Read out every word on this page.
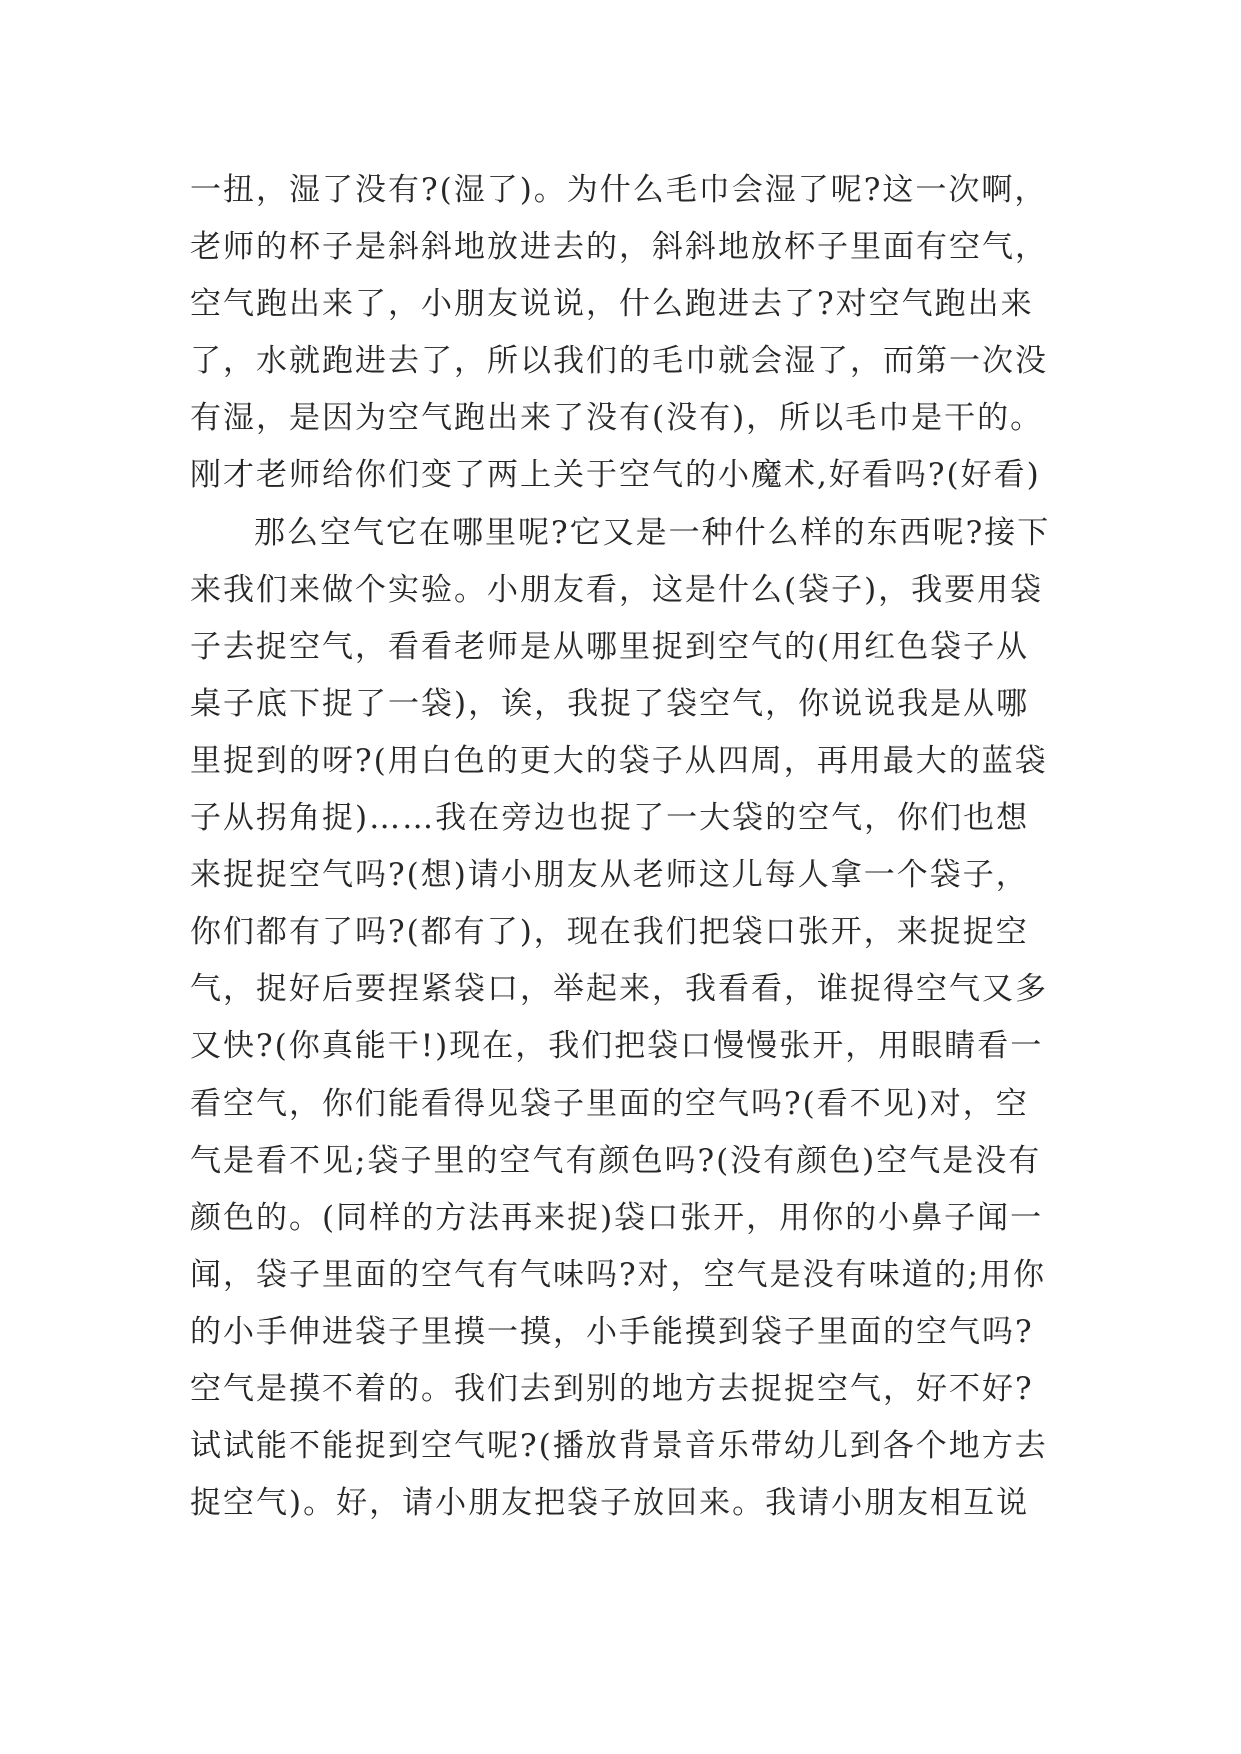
一扭，湿了没有?(湿了)。为什么毛巾会湿了呢?这一次啊，
老师的杯子是斜斜地放进去的，斜斜地放杯子里面有空气，
空气跑出来了，小朋友说说，什么跑进去了?对空气跑出来
了，水就跑进去了，所以我们的毛巾就会湿了，而第一次没
有湿，是因为空气跑出来了没有(没有)，所以毛巾是干的。
刚才老师给你们变了两上关于空气的小魔术,好看吗?(好看)
那么空气它在哪里呢?它又是一种什么样的东西呢?接下
来我们来做个实验。小朋友看，这是什么(袋子)，我要用袋
子去捉空气，看看老师是从哪里捉到空气的(用红色袋子从
桌子底下捉了一袋)，诶，我捉了袋空气，你说说我是从哪
里捉到的呀?(用白色的更大的袋子从四周，再用最大的蓝袋
子从拐角捉)……我在旁边也捉了一大袋的空气，你们也想
来捉捉空气吗?(想)请小朋友从老师这儿每人拿一个袋子，
你们都有了吗?(都有了)，现在我们把袋口张开，来捉捉空
气，捉好后要捏紧袋口，举起来，我看看，谁捉得空气又多
又快?(你真能干!)现在，我们把袋口慢慢张开，用眼睛看一
看空气，你们能看得见袋子里面的空气吗?(看不见)对，空
气是看不见;袋子里的空气有颜色吗?(没有颜色)空气是没有
颜色的。(同样的方法再来捉)袋口张开，用你的小鼻子闻一
闻，袋子里面的空气有气味吗?对，空气是没有味道的;用你
的小手伸进袋子里摸一摸，小手能摸到袋子里面的空气吗?
空气是摸不着的。我们去到别的地方去捉捉空气，好不好?
试试能不能捉到空气呢?(播放背景音乐带幼儿到各个地方去
捉空气)。好，请小朋友把袋子放回来。我请小朋友相互说
